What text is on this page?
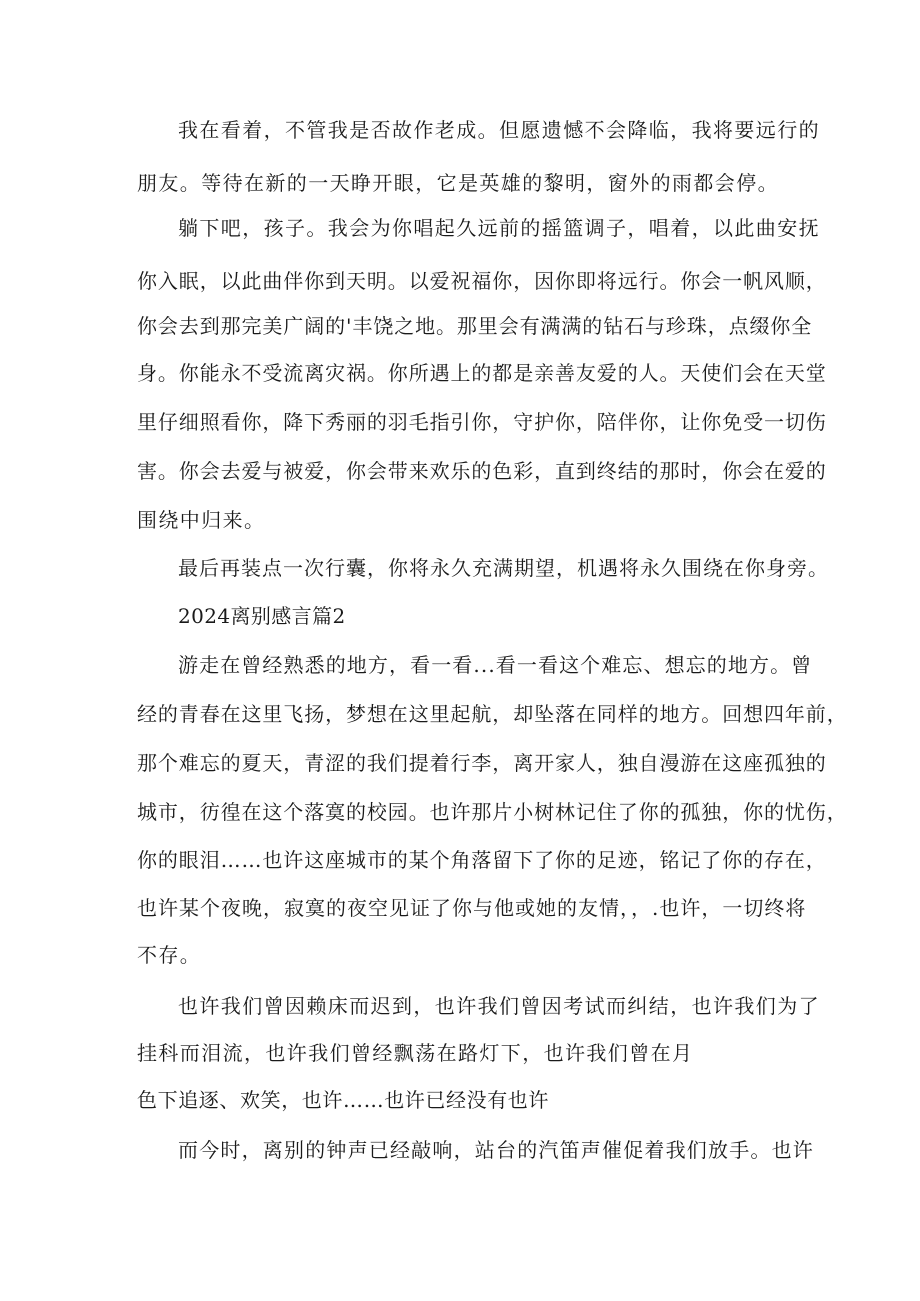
我在看着，不管我是否故作老成。但愿遗憾不会降临，我将要远行的
朋友。等待在新的一天睁开眼，它是英雄的黎明，窗外的雨都会停。
躺下吧，孩子。我会为你唱起久远前的摇篮调子，唱着，以此曲安抚
你入眠，以此曲伴你到天明。以爱祝福你，因你即将远行。你会一帆风顺，
你会去到那完美广阔的'丰饶之地。那里会有满满的钻石与珍珠，点缀你全
身。你能永不受流离灾祸。你所遇上的都是亲善友爱的人。天使们会在天堂
里仔细照看你，降下秀丽的羽毛指引你，守护你，陪伴你，让你免受一切伤
害。你会去爱与被爱，你会带来欢乐的色彩，直到终结的那时，你会在爱的
围绕中归来。
最后再装点一次行囊，你将永久充满期望，机遇将永久围绕在你身旁。
2024离别感言篇2
游走在曾经熟悉的地方，看一看...看一看这个难忘、想忘的地方。曾
经的青春在这里飞扬，梦想在这里起航，却坠落在同样的地方。回想四年前，
那个难忘的夏天，青涩的我们提着行李，离开家人，独自漫游在这座孤独的
城市，彷徨在这个落寞的校园。也许那片小树林记住了你的孤独，你的忧伤，
你的眼泪……也许这座城市的某个角落留下了你的足迹，铭记了你的存在，
也许某个夜晚，寂寞的夜空见证了你与他或她的友情，，.也许，一切终将
不存。
也许我们曾因赖床而迟到，也许我们曾因考试而纠结，也许我们为了
挂科而泪流，也许我们曾经飘荡在路灯下，也许我们曾在月
色下追逐、欢笑，也许……也许已经没有也许
而今时，离别的钟声已经敲响，站台的汽笛声催促着我们放手。也许
